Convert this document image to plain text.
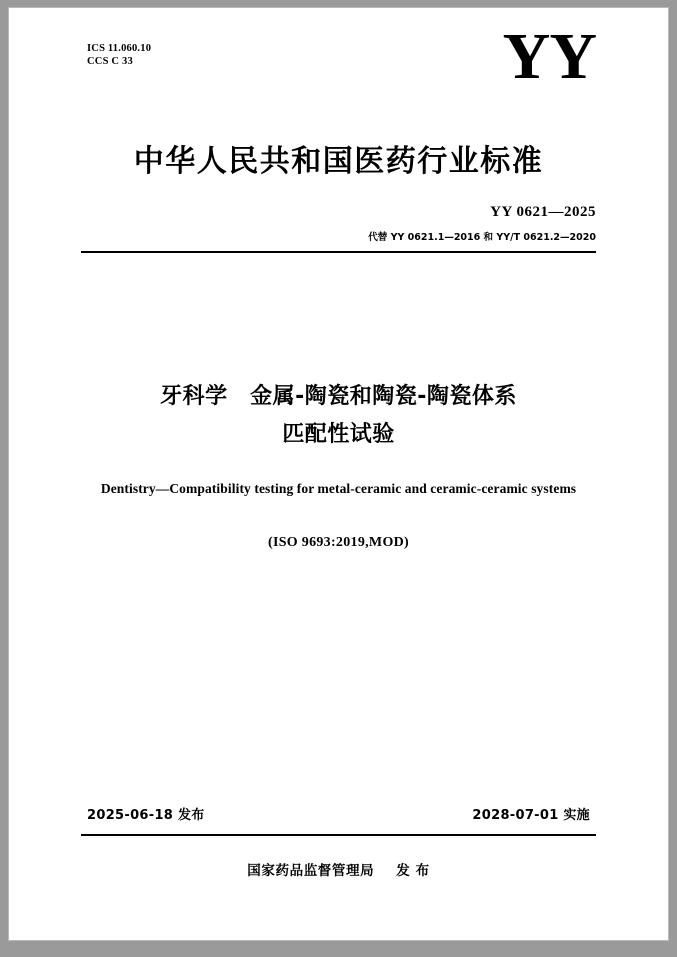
ICS 11.060.10
CCS C 33	YY
中华人民共和国医药行业标准
YY 0621—2025
代替 YY 0621.1—2016 和 YY/T 0621.2—2020
牙科学　金属-陶瓷和陶瓷-陶瓷体系
匹配性试验
Dentistry—Compatibility testing for metal-ceramic and ceramic-ceramic systems
(ISO 9693:2019,MOD)
2025-06-18 发布	2028-07-01 实施
国家药品监督管理局 发 布
